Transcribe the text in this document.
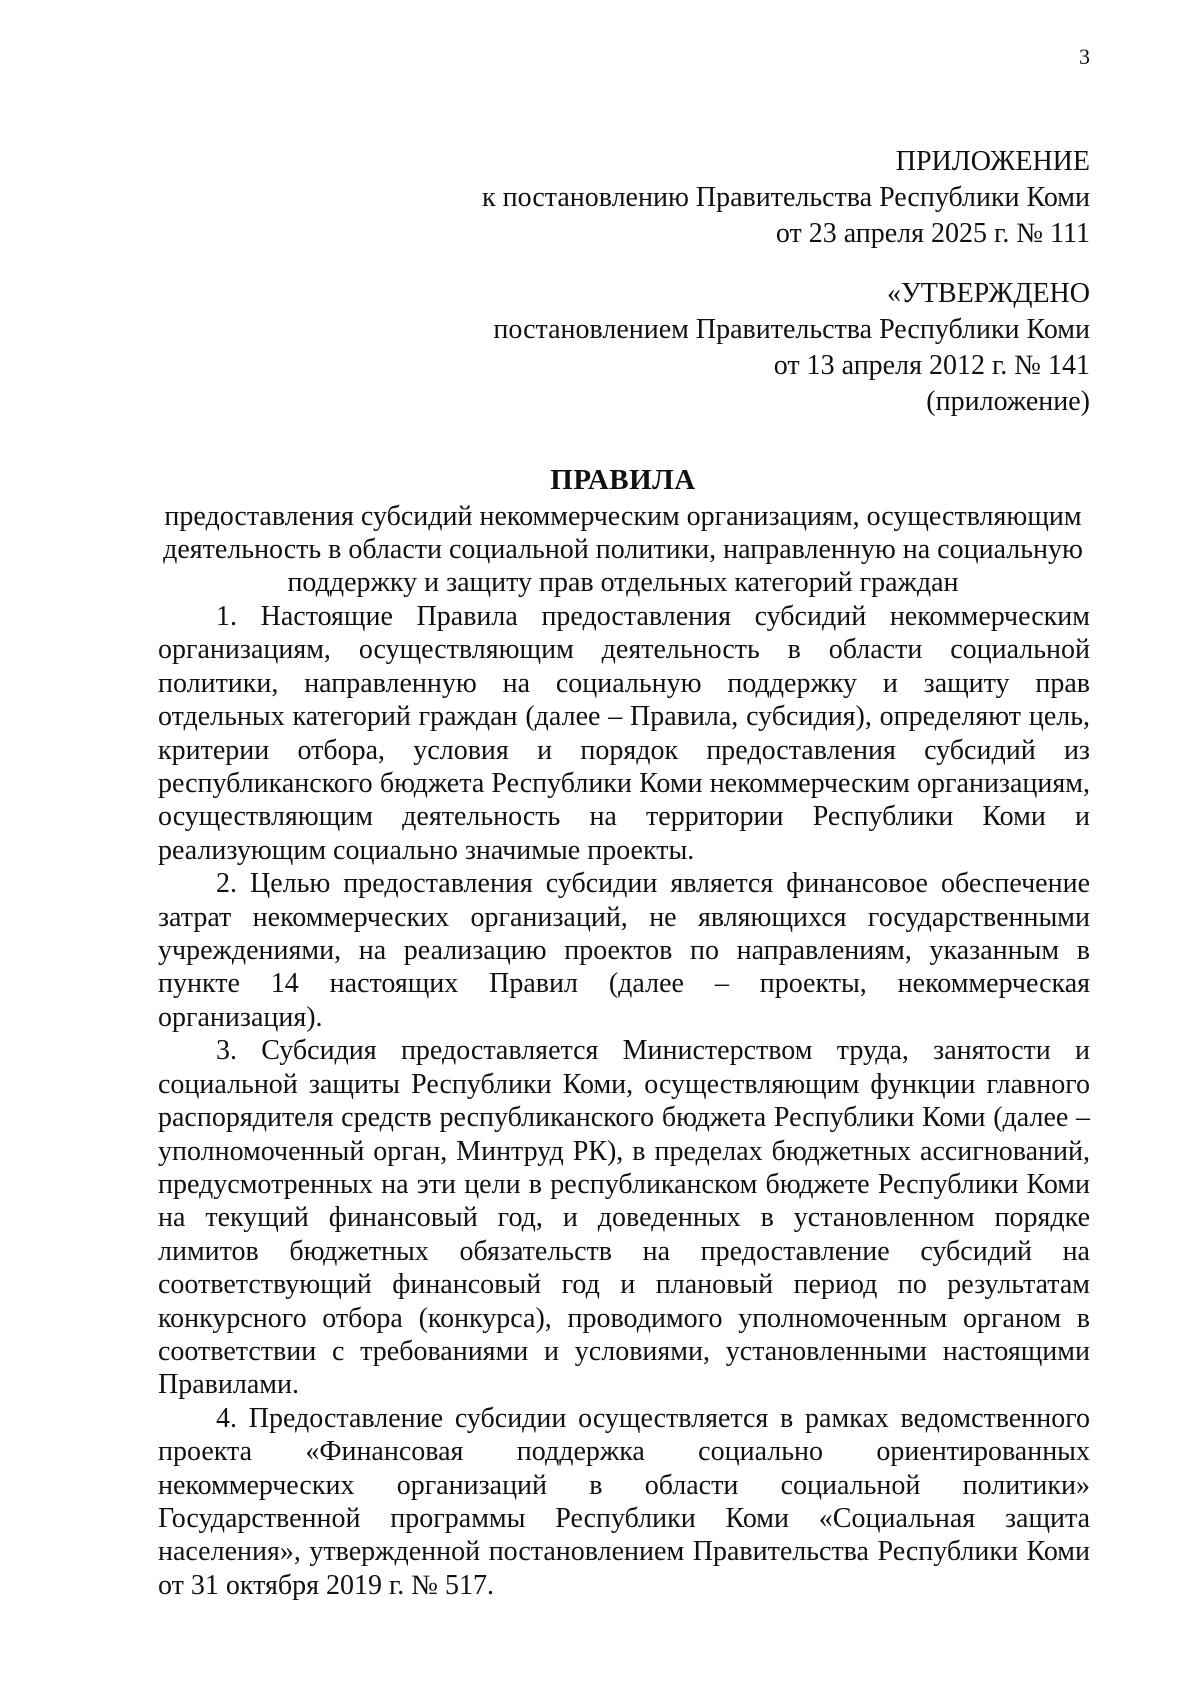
3
ПРИЛОЖЕНИЕ
к постановлению Правительства Республики Коми
от 23 апреля 2025 г. № 111
«УТВЕРЖДЕНО
постановлением Правительства Республики Коми
от 13 апреля 2012 г. № 141
(приложение)
ПРАВИЛА
предоставления субсидий некоммерческим организациям, осуществляющим деятельность в области социальной политики, направленную на социальную поддержку и защиту прав отдельных категорий граждан

1. Настоящие Правила предоставления субсидий некоммерческим организациям, осуществляющим деятельность в области социальной политики, направленную на социальную поддержку и защиту прав отдельных категорий граждан (далее – Правила, субсидия), определяют цель, критерии отбора, условия и порядок предоставления субсидий из республиканского бюджета Республики Коми некоммерческим организациям, осуществляющим деятельность на территории Республики Коми и реализующим социально значимые проекты.

2. Целью предоставления субсидии является финансовое обеспечение затрат некоммерческих организаций, не являющихся государственными учреждениями, на реализацию проектов по направлениям, указанным в пункте 14 настоящих Правил (далее – проекты, некоммерческая организация).

3. Субсидия предоставляется Министерством труда, занятости и социальной защиты Республики Коми, осуществляющим функции главного распорядителя средств республиканского бюджета Республики Коми (далее – уполномоченный орган, Минтруд РК), в пределах бюджетных ассигнований, предусмотренных на эти цели в республиканском бюджете Республики Коми на текущий финансовый год, и доведенных в установленном порядке лимитов бюджетных обязательств на предоставление субсидий на соответствующий финансовый год и плановый период по результатам конкурсного отбора (конкурса), проводимого уполномоченным органом в соответствии с требованиями и условиями, установленными настоящими Правилами.

4. Предоставление субсидии осуществляется в рамках ведомственного проекта «Финансовая поддержка социально ориентированных некоммерческих организаций в области социальной политики» Государственной программы Республики Коми «Социальная защита населения», утвержденной постановлением Правительства Республики Коми от 31 октября 2019 г. № 517.
